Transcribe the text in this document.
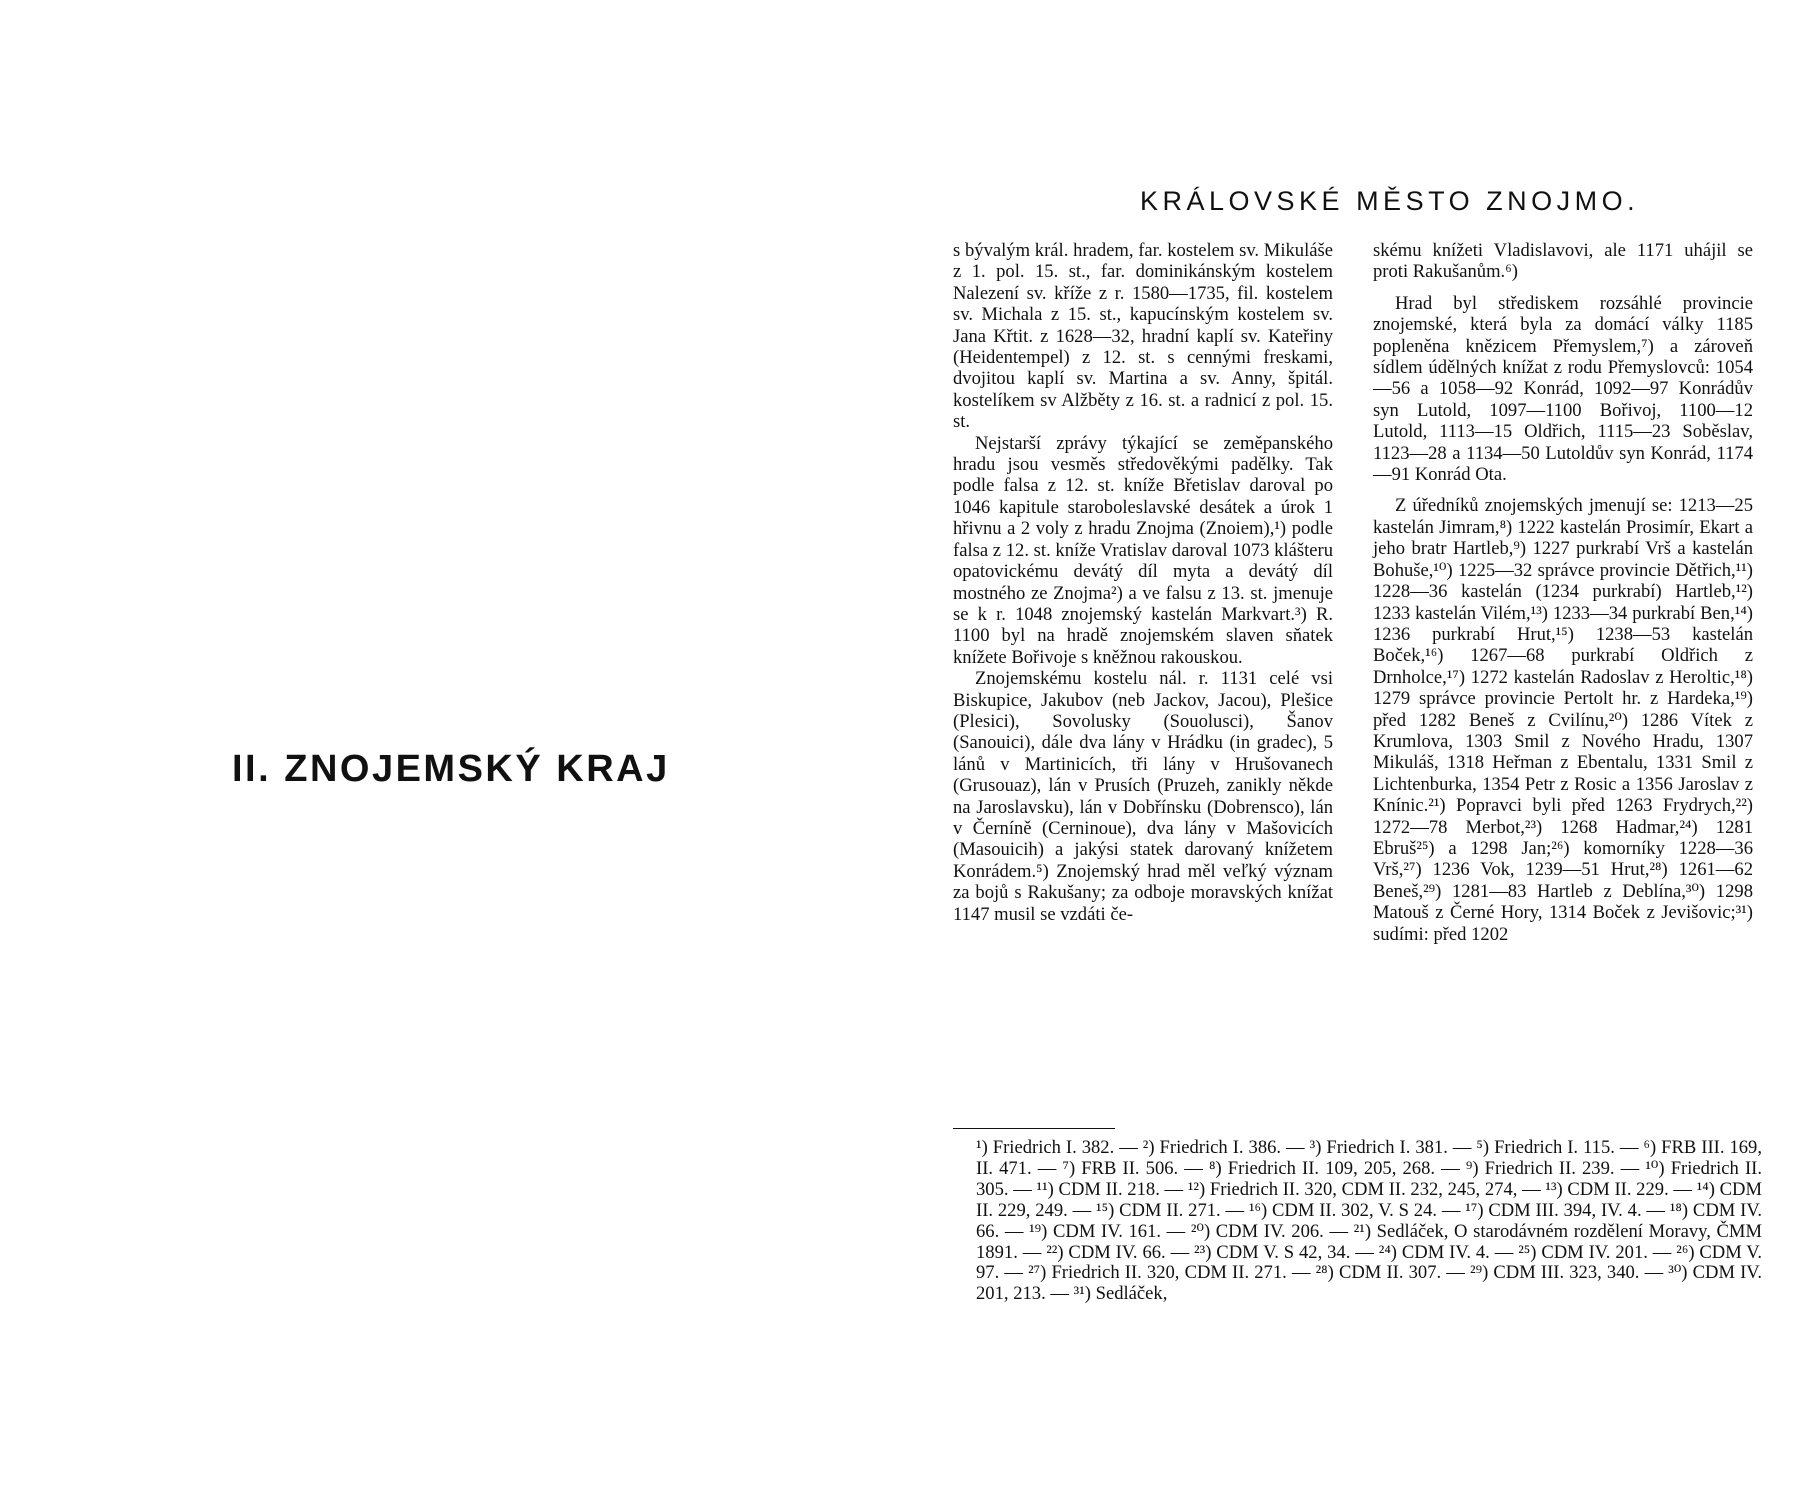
II. ZNOJEMSKÝ KRAJ
KRÁLOVSKÉ MĚSTO ZNOJMO.

s bývalým král. hradem, far. kostelem sv. Mikuláše z 1. pol. 15. st., far. dominikánským kostelem Nalezení sv. kříže z r. 1580—1735, fil. kostelem sv. Michala z 15. st., kapucínským kostelem sv. Jana Křtit. z 1628—32, hradní kaplí sv. Kateřiny (Heidentempel) z 12. st. s cennými freskami, dvojitou kaplí sv. Martina a sv. Anny, špitál. kostelíkem sv Alžběty z 16. st. a radnicí z pol. 15. st.

Nejstarší zprávy týkající se zeměpanského hradu jsou vesměs středověkými padělky. Tak podle falsa z 12. st. kníže Břetislav daroval po 1046 kapitule staroboleslavské desátek a úrok 1 hřivnu a 2 voly z hradu Znojma (Znoiem),¹) podle falsa z 12. st. kníže Vratislav daroval 1073 klášteru opatovickému devátý díl myta a devátý díl mostného ze Znojma²) a ve falsu z 13. st. jmenuje se k r. 1048 znojemský kastelán Markvart.³) R. 1100 byl na hradě znojemském slaven sňatek knížete Bořivoje s kněžnou rakouskou.

Znojemskému kostelu nál. r. 1131 celé vsi Biskupice, Jakubov (neb Jackov, Jacou), Plešice (Plesici), Sovolusky (Souolusci), Šanov (Sanouici), dále dva lány v Hrádku (in gradec), 5 lánů v Martinicích, tři lány v Hrušovanech (Grusouaz), lán v Prusích (Pruzeh, zanikly někde na Jaroslavsku), lán v Dobřínsku (Dobrensco), lán v Černíně (Cerninoue), dva lány v Mašovicích (Masouicih) a jakýsi statek darovaný knížetem Konrádem.⁵) Znojemský hrad měl veľký význam za bojů s Rakušany; za odboje moravských knížat 1147 musil se vzdáti če-

skému knížeti Vladislavovi, ale 1171 uhájil se proti Rakušanům.⁶)

Hrad byl střediskem rozsáhlé provincie znojemské, která byla za domácí války 1185 popleněna knězicem Přemyslem,⁷) a zároveň sídlem údělných knížat z rodu Přemyslovců: 1054—56 a 1058—92 Konrád, 1092—97 Konrádův syn Lutold, 1097—1100 Bořivoj, 1100—12 Lutold, 1113—15 Oldřich, 1115—23 Soběslav, 1123—28 a 1134—50 Lutoldův syn Konrád, 1174—91 Konrád Ota.

Z úředníků znojemských jmenují se: 1213—25 kastelán Jimram,⁸) 1222 kastelán Prosimír, Ekart a jeho bratr Hartleb,⁹) 1227 purkrabí Vrš a kastelán Bohuše,¹⁰) 1225—32 správce provincie Dětřich,¹¹) 1228—36 kastelán (1234 purkrabí) Hartleb,¹²) 1233 kastelán Vilém,¹³) 1233—34 purkrabí Ben,¹⁴) 1236 purkrabí Hrut,¹⁵) 1238—53 kastelán Boček,¹⁶) 1267—68 purkrabí Oldřich z Drnholce,¹⁷) 1272 kastelán Radoslav z Heroltic,¹⁸) 1279 správce provincie Pertolt hr. z Hardeka,¹⁹) před 1282 Beneš z Cvilínu,²⁰) 1286 Vítek z Krumlova, 1303 Smil z Nového Hradu, 1307 Mikuláš, 1318 Heřman z Ebentalu, 1331 Smil z Lichtenburka, 1354 Petr z Rosic a 1356 Jaroslav z Knínic.²¹) Popravci byli před 1263 Frydrych,²²) 1272—78 Merbot,²³) 1268 Hadmar,²⁴) 1281 Ebruš²⁵) a 1298 Jan;²⁶) komorníky 1228—36 Vrš,²⁷) 1236 Vok, 1239—51 Hrut,²⁸) 1261—62 Beneš,²⁹) 1281—83 Hartleb z Deblína,³⁰) 1298 Matouš z Černé Hory, 1314 Boček z Jevišovic;³¹) sudími: před 1202

¹) Friedrich I. 382. — ²) Friedrich I. 386. — ³) Friedrich I. 381. — ⁵) Friedrich I. 115. — ⁶) FRB III. 169, II. 471. — ⁷) FRB II. 506. — ⁸) Friedrich II. 109, 205, 268. — ⁹) Friedrich II. 239. — ¹⁰) Friedrich II. 305. — ¹¹) CDM II. 218. — ¹²) Friedrich II. 320, CDM II. 232, 245, 274, — ¹³) CDM II. 229. — ¹⁴) CDM II. 229, 249. — ¹⁵) CDM II. 271. — ¹⁶) CDM II. 302, V. S 24. — ¹⁷) CDM III. 394, IV. 4. — ¹⁸) CDM IV. 66. — ¹⁹) CDM IV. 161. — ²⁰) CDM IV. 206. — ²¹) Sedláček, O starodávném rozdělení Moravy, ČMM 1891. — ²²) CDM IV. 66. — ²³) CDM V. S 42, 34. — ²⁴) CDM IV. 4. — ²⁵) CDM IV. 201. — ²⁶) CDM V. 97. — ²⁷) Friedrich II. 320, CDM II. 271. — ²⁸) CDM II. 307. — ²⁹) CDM III. 323, 340. — ³⁰) CDM IV. 201, 213. — ³¹) Sedláček,
